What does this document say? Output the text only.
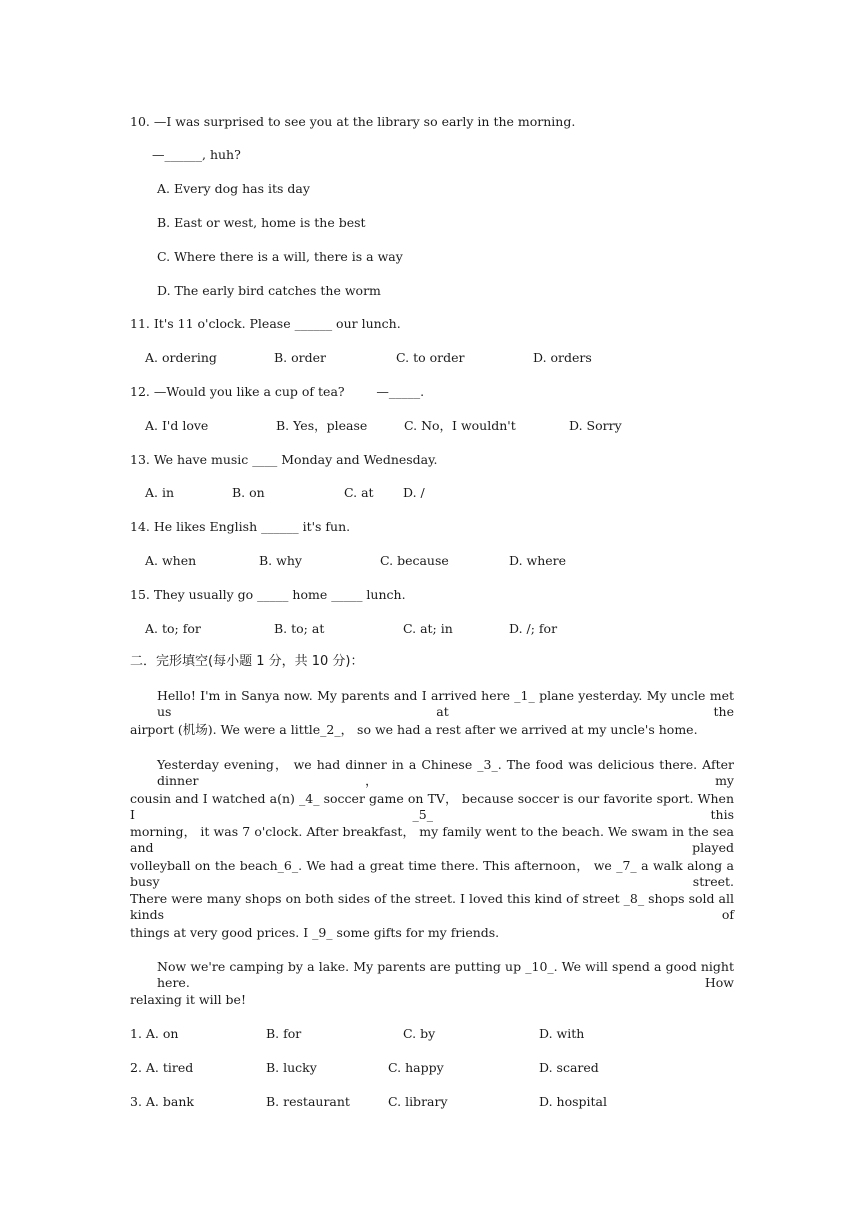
10. —I was surprised to see you at the library so early in the morning.
—______, huh?
A. Every dog has its day
B. East or west, home is the best
C. Where there is a will, there is a way
D. The early bird catches the worm
11. It's 11 o'clock. Please ______ our lunch.
A. ordering	B. order	C. to order	D. orders
12. —Would you like a cup of tea?        —_____.
A. I'd love	B. Yes，please	C. No，I wouldn't	D. Sorry
13. We have music ____ Monday and Wednesday.
A. in	B. on	C. at D. /
14. He likes English ______ it's fun.
A. when	B. why	C. because	D. where
15. They usually go _____ home _____ lunch.
A. to; for	B. to; at	C. at; in	D. /; for
二．完形填空(每小题 1 分，共 10 分)：
Hello! I'm in Sanya now. My parents and I arrived here _1_ plane yesterday. My uncle met us at the
airport (机场). We were a little_2_， so we had a rest after we arrived at my uncle's home.
Yesterday evening， we had dinner in a Chinese _3_. The food was delicious there. After dinner， my
cousin and I watched a(n) _4_ soccer game on TV， because soccer is our favorite sport. When I _5_ this
morning， it was 7 o'clock. After breakfast， my family went to the beach. We swam in the sea and played
volleyball on the beach_6_. We had a great time there. This afternoon， we _7_ a walk along a busy street.
There were many shops on both sides of the street. I loved this kind of street _8_ shops sold all kinds of
things at very good prices. I _9_ some gifts for my friends.
Now we're camping by a lake. My parents are putting up _10_. We will spend a good night here. How
relaxing it will be!
1. A. on	B. for	C. by	D. with
2. A. tired	B. lucky	C. happy	D. scared
3. A. bank	B. restaurant	C. library	D. hospital
